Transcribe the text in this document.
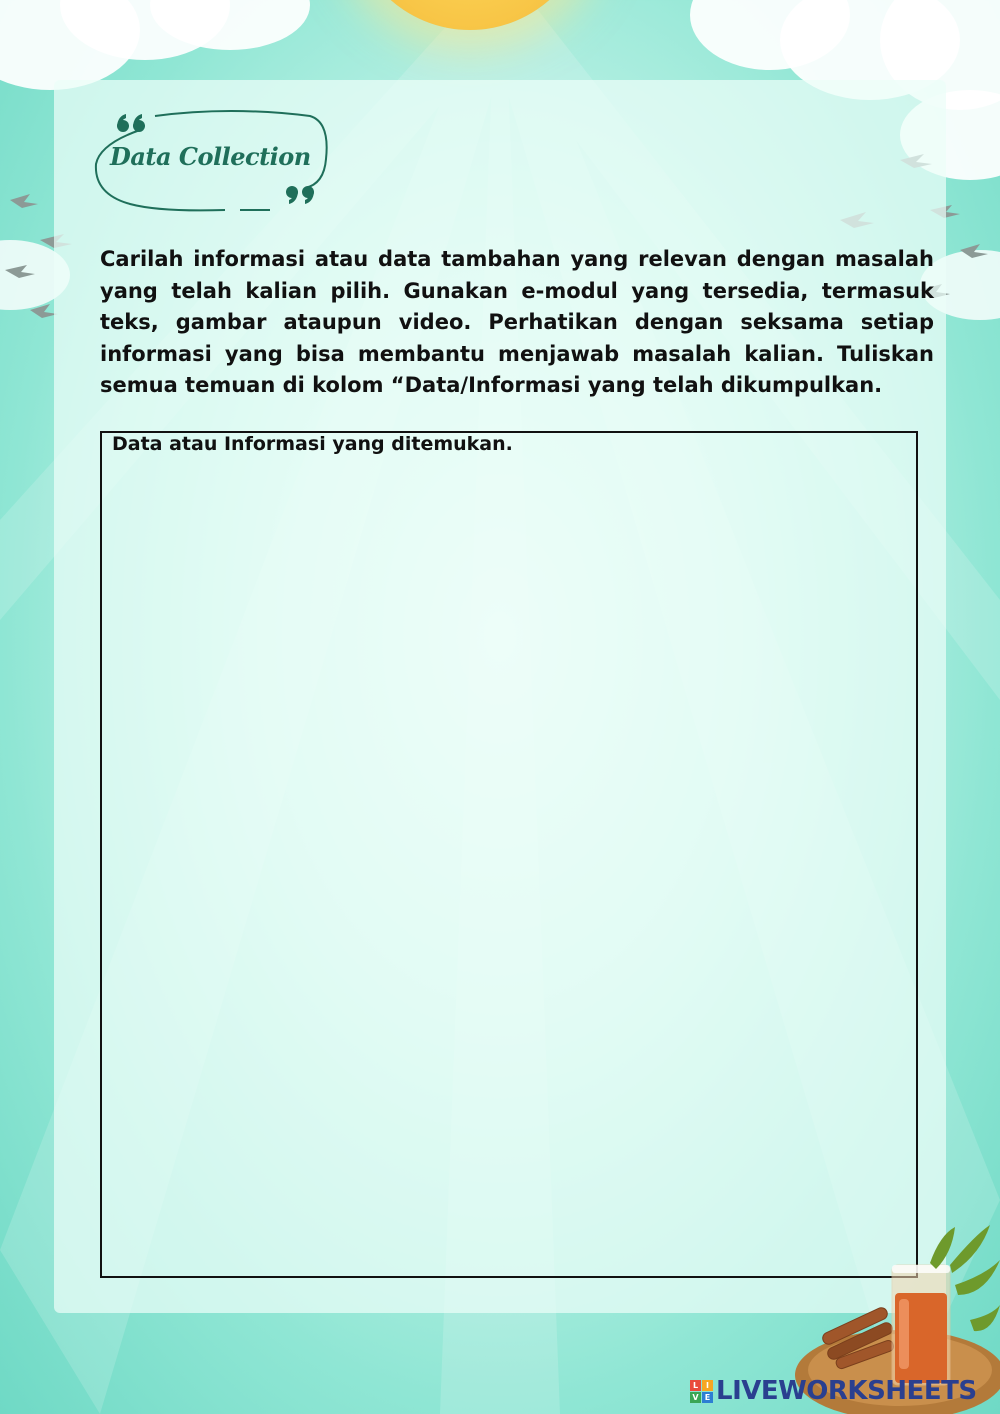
Data Collection

Carilah informasi atau data tambahan yang relevan dengan masalah yang telah kalian pilih. Gunakan e-modul yang tersedia, termasuk teks, gambar ataupun video. Perhatikan dengan seksama setiap informasi yang bisa membantu menjawab masalah kalian. Tuliskan semua temuan di kolom “Data/Informasi yang telah dikumpulkan.

Data atau Informasi yang ditemukan.
L I
V E LIVEWORKSHEETS
